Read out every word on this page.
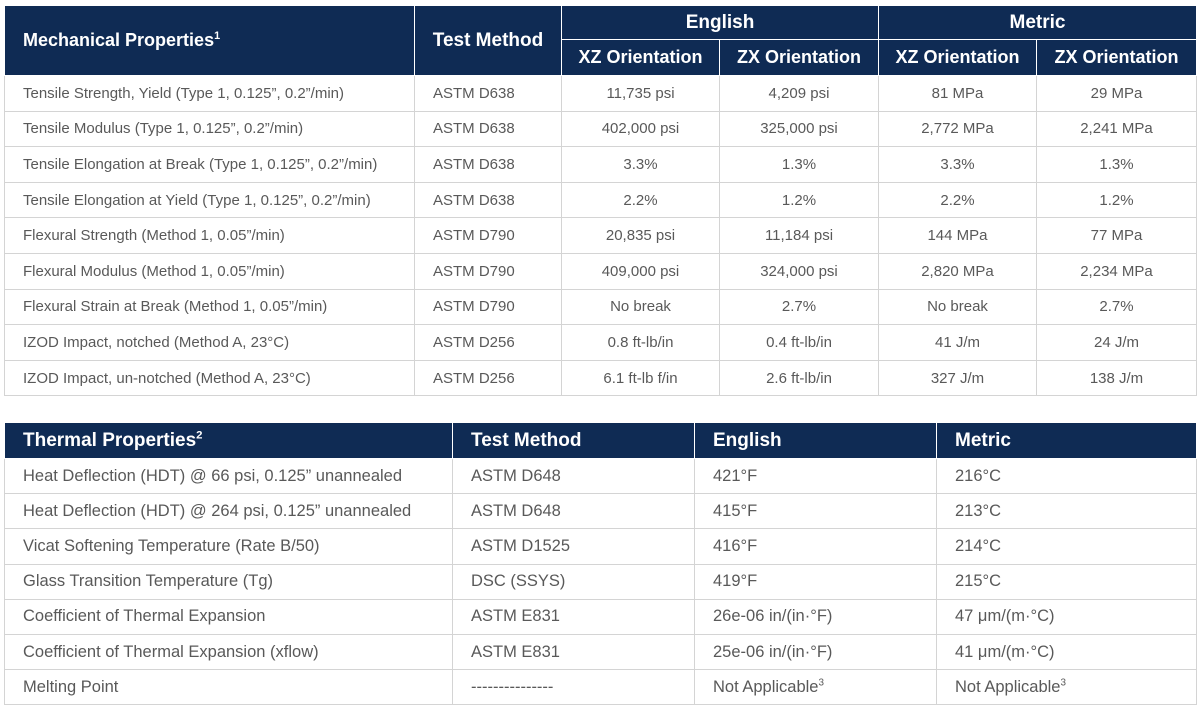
Mechanical Properties$^1$	Test Method	English		Metric	
		XZ Orientation	ZX Orientation	XZ Orientation	ZX Orientation
Tensile Strength, Yield (Type 1, 0.125”, 0.2”/min)	ASTM D638	11,735 psi	4,209 psi	81 MPa	29 MPa
Tensile Modulus (Type 1, 0.125”, 0.2”/min)	ASTM D638	402,000 psi	325,000 psi	2,772 MPa	2,241 MPa
Tensile Elongation at Break (Type 1, 0.125”, 0.2”/min)	ASTM D638	3.3%	1.3%	3.3%	1.3%
Tensile Elongation at Yield (Type 1, 0.125”, 0.2”/min)	ASTM D638	2.2%	1.2%	2.2%	1.2%
Flexural Strength (Method 1, 0.05”/min)	ASTM D790	20,835 psi	11,184 psi	144 MPa	77 MPa
Flexural Modulus (Method 1, 0.05”/min)	ASTM D790	409,000 psi	324,000 psi	2,820 MPa	2,234 MPa
Flexural Strain at Break (Method 1, 0.05”/min)	ASTM D790	No break	2.7%	No break	2.7%
IZOD Impact, notched (Method A, 23°C)	ASTM D256	0.8 ft-lb/in	0.4 ft-lb/in	41 J/m	24 J/m
IZOD Impact, un-notched (Method A, 23°C)	ASTM D256	6.1 ft-lb f/in	2.6 ft-lb/in	327 J/m	138 J/m
Thermal Properties$^2$	Test Method	English	Metric
Heat Deflection (HDT) @ 66 psi, 0.125” unannealed	ASTM D648	421°F	216°C
Heat Deflection (HDT) @ 264 psi, 0.125” unannealed	ASTM D648	415°F	213°C
Vicat Softening Temperature (Rate B/50)	ASTM D1525	416°F	214°C
Glass Transition Temperature (Tg)	DSC (SSYS)	419°F	215°C
Coefficient of Thermal Expansion	ASTM E831	26e-06 in/(in·°F)	47 μm/(m·°C)
Coefficient of Thermal Expansion (xflow)	ASTM E831	25e-06 in/(in·°F)	41 μm/(m·°C)
Melting Point	---------------	Not Applicable$^3$	Not Applicable$^3$
